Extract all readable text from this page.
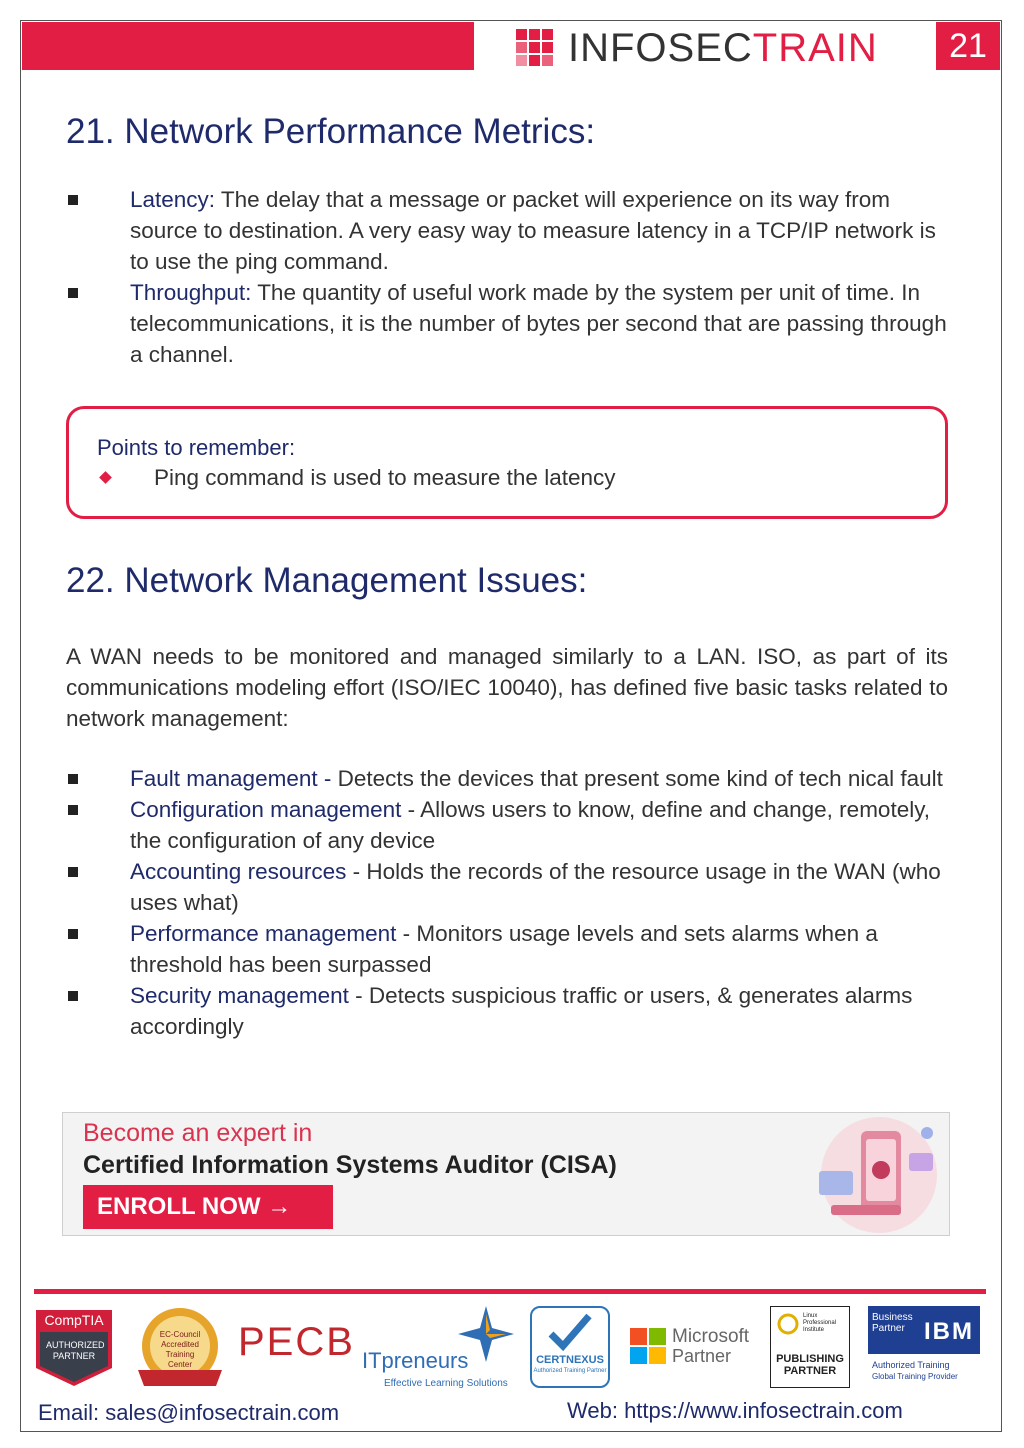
INFOSECTRAIN	21
21. Network Performance Metrics:
Latency: The delay that a message or packet will experience on its way from source to destination. A very easy way to measure latency in a TCP/IP network is to use the ping command.
Throughput: The quantity of useful work made by the system per unit of time. In telecommunications, it is the number of bytes per second that are passing through a channel.
Points to remember:
Ping command is used to measure the latency
22. Network Management Issues:
A WAN needs to be monitored and managed similarly to a LAN. ISO, as part of its communications modeling effort (ISO/IEC 10040), has defined five basic tasks related to network management:
Fault management - Detects the devices that present some kind of tech nical fault
Configuration management - Allows users to know, define and change, remotely, the configuration of any device
Accounting resources - Holds the records of the resource usage in the WAN (who uses what)
Performance management - Monitors usage levels and sets alarms when a threshold has been surpassed
Security management - Detects suspicious traffic or users, & generates alarms accordingly
Become an expert in
Certified Information Systems Auditor (CISA)
ENROLL NOW →
CompTIA
AUTHORIZED PARTNER
EC-Council Accredited Training Center
PECB ITpreneurs
Effective Learning Solutions
CERTNEXUS
Authorized Training Partner
Microsoft
Partner
Linux Professional Institute
PUBLISHING PARTNER
Business Partner IBM
Authorized Training
Global Training Provider
Email: sales@infosectrain.com	Web: https://www.infosectrain.com
